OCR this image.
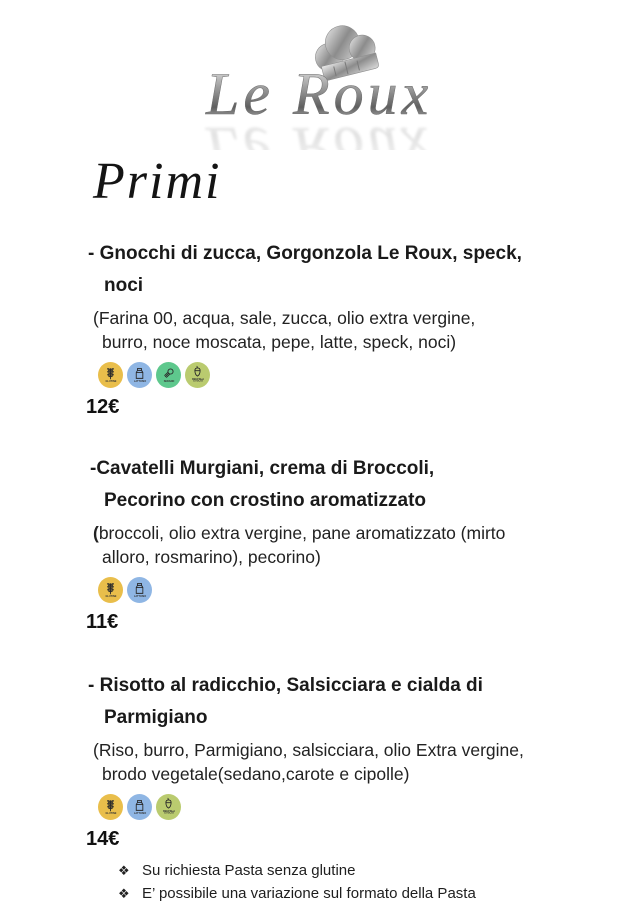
Le Roux
Primi
- Gnocchi di zucca, Gorgonzola Le Roux, speck,
noci
(Farina 00, acqua, sale, zucca, olio extra vergine,
burro, noce moscata, pepe, latte, speck, noci)
GLUTINE	LATTOSIO	SEDANO
FRUTTA A GUSCIO
12€
-Cavatelli Murgiani, crema di Broccoli,
Pecorino con crostino aromatizzato
(broccoli, olio extra vergine, pane aromatizzato (mirto
alloro, rosmarino), pecorino)
GLUTINE	LATTOSIO
11€
- Risotto al radicchio, Salsicciara e cialda di
Parmigiano
(Riso, burro, Parmigiano, salsicciara, olio Extra vergine,
brodo vegetale(sedano,carote e cipolle)
GLUTINE	LATTOSIO
FRUTTA A GUSCIO
14€
❖ Su richiesta Pasta senza glutine
❖ E’ possibile una variazione sul formato della Pasta
